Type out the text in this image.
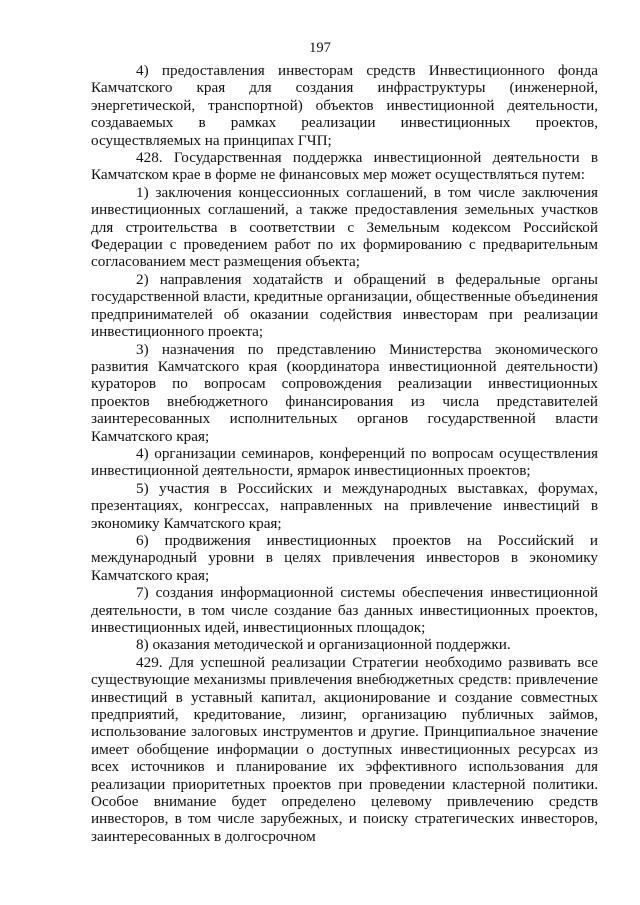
197

4) предоставления инвесторам средств Инвестиционного фонда Камчатского края для создания инфраструктуры (инженерной, энергетической, транспортной) объектов инвестиционной деятельности, создаваемых в рамках реализации инвестиционных проектов, осуществляемых на принципах ГЧП;

428. Государственная поддержка инвестиционной деятельности в Камчатском крае в форме не финансовых мер может осуществляться путем:

1) заключения концессионных соглашений, в том числе заключения инвестиционных соглашений, а также предоставления земельных участков для строительства в соответствии с Земельным кодексом Российской Федерации с проведением работ по их формированию с предварительным согласованием мест размещения объекта;

2) направления ходатайств и обращений в федеральные органы государственной власти, кредитные организации, общественные объединения предпринимателей об оказании содействия инвесторам при реализации инвестиционного проекта;

3) назначения по представлению Министерства экономического развития Камчатского края (координатора инвестиционной деятельности) кураторов по вопросам сопровождения реализации инвестиционных проектов внебюджетного финансирования из числа представителей заинтересованных исполнительных органов государственной власти Камчатского края;

4) организации семинаров, конференций по вопросам осуществления инвестиционной деятельности, ярмарок инвестиционных проектов;

5) участия в Российских и международных выставках, форумах, презентациях, конгрессах, направленных на привлечение инвестиций в экономику Камчатского края;

6) продвижения инвестиционных проектов на Российский и международный уровни в целях привлечения инвесторов в экономику Камчатского края;

7) создания информационной системы обеспечения инвестиционной деятельности, в том числе создание баз данных инвестиционных проектов, инвестиционных идей, инвестиционных площадок;

8) оказания методической и организационной поддержки.

429. Для успешной реализации Стратегии необходимо развивать все существующие механизмы привлечения внебюджетных средств: привлечение инвестиций в уставный капитал, акционирование и создание совместных предприятий, кредитование, лизинг, организацию публичных займов, использование залоговых инструментов и другие. Принципиальное значение имеет обобщение информации о доступных инвестиционных ресурсах из всех источников и планирование их эффективного использования для реализации приоритетных проектов при проведении кластерной политики. Особое внимание будет определено целевому привлечению средств инвесторов, в том числе зарубежных, и поиску стратегических инвесторов, заинтересованных в долгосрочном
